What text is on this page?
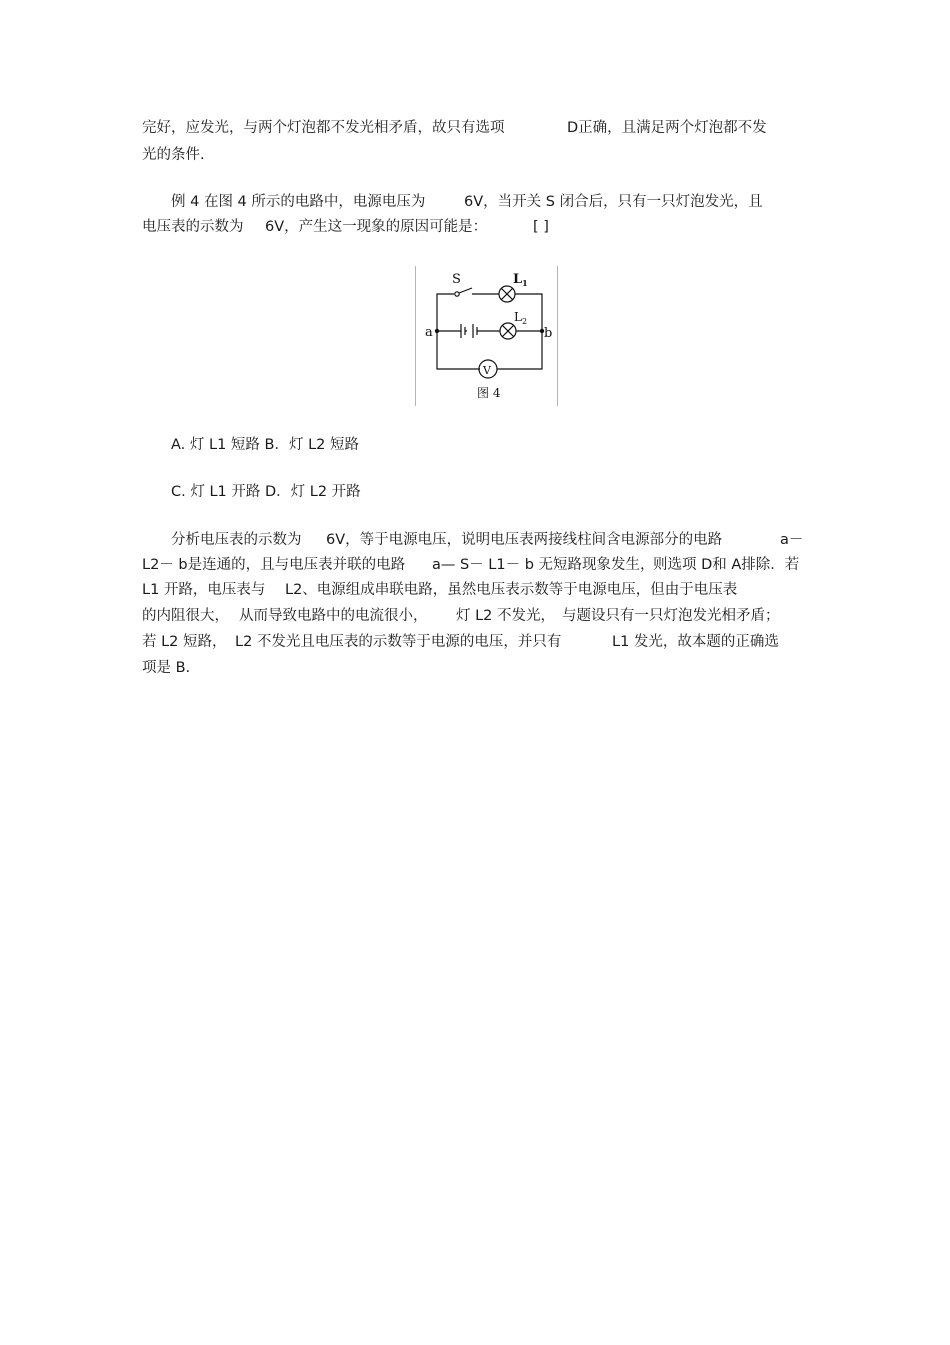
完好，应发光，与两个灯泡都不发光相矛盾，故只有选项	D正确，且满足两个灯泡都不发
光的条件.
例 4 在图 4 所示的电路中，电源电压为	6V，当开关 S 闭合后，只有一只灯泡发光，且
电压表的示数为 6V，产生这一现象的原因可能是：	[ ]
S	$L_1$
$L_2$
a	b
V
图 4
A. 灯 L1 短路 B．灯 L2 短路
C. 灯 L1 开路 D．灯 L2 开路
分析电压表的示数为 6V，等于电源电压，说明电压表两接线柱间含电源部分的电路	a－
L2－ b是连通的，且与电压表并联的电路 a— S－ L1－ b 无短路现象发生，
则选项 D和 A排除．若
L1 开路，电压表与 L2、电源组成串联电路，虽然电压表示数等于电源电压，但由于电压表
的内阻很大， 从而导致电路中的电流很小， 灯 L2 不发光， 与题设只有一只灯泡发光相矛盾；
若 L2 短路， L2 不发光且电压表的示数等于电源的电压，并只有	L1 发光，故本题的正确选
项是 B.
